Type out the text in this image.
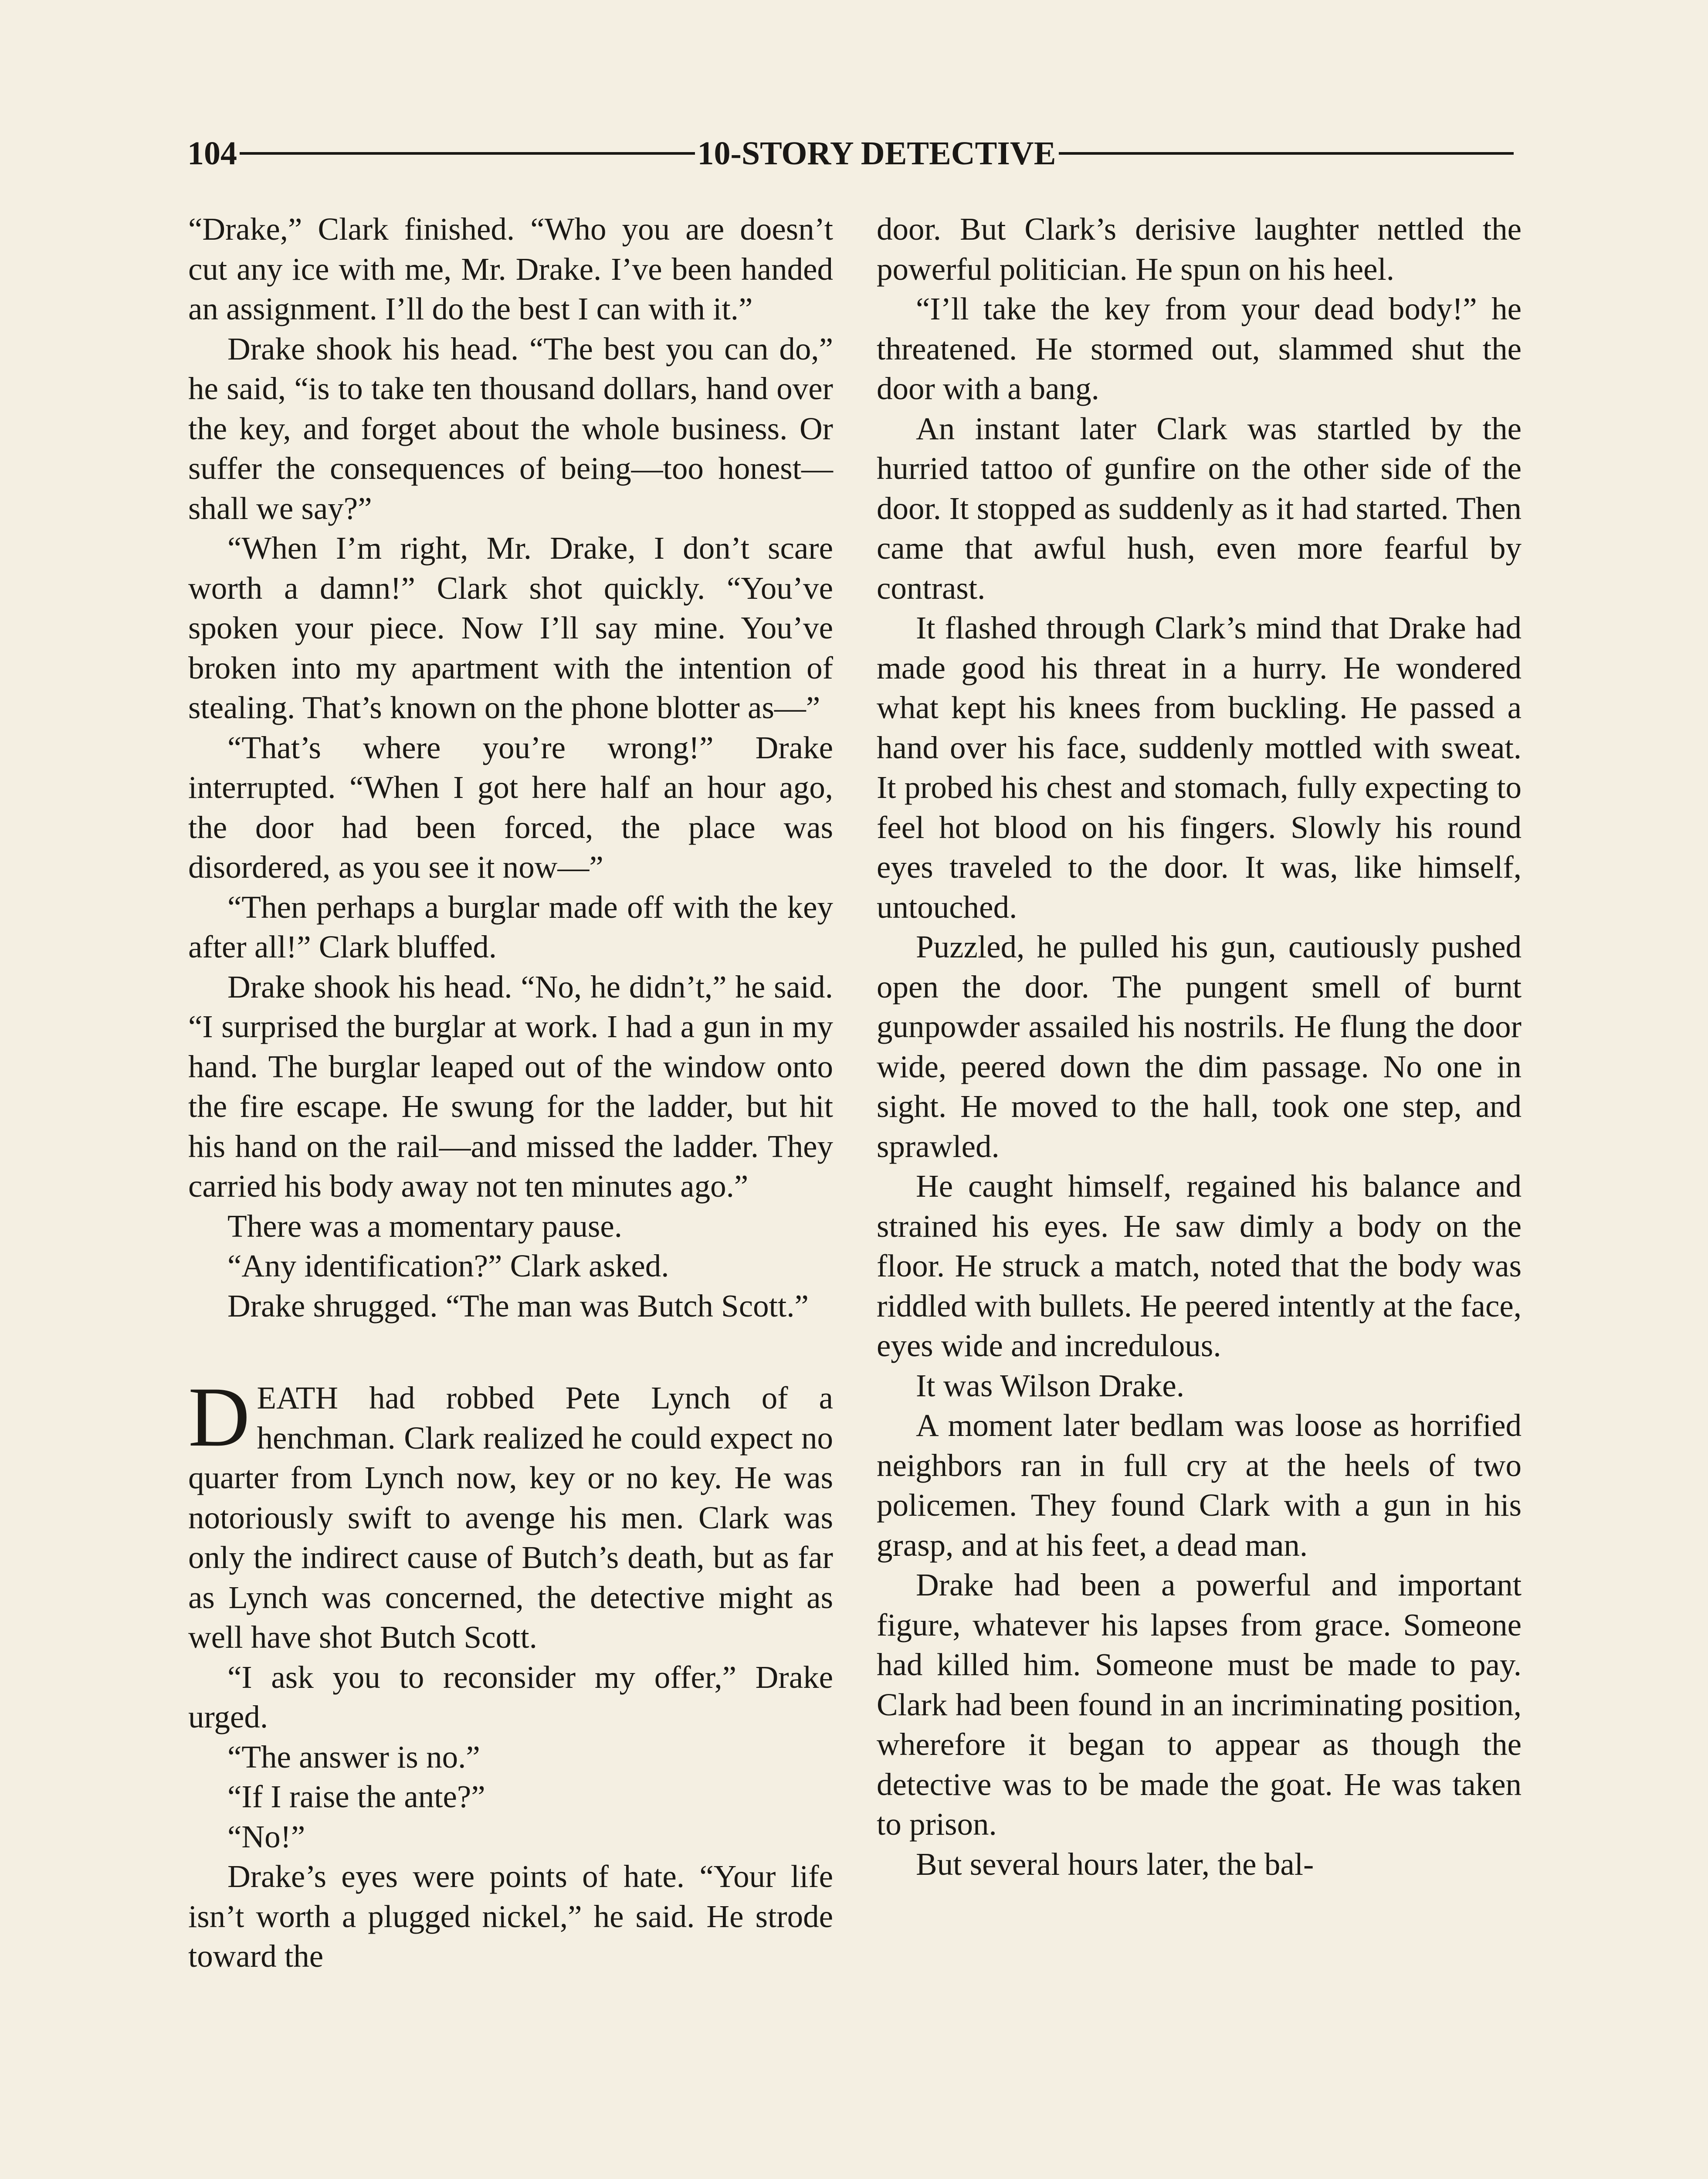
104	10-STORY DETECTIVE

“Drake,” Clark finished. “Who you are doesn’t cut any ice with me, Mr. Drake. I’ve been handed an assignment. I’ll do the best I can with it.”

Drake shook his head. “The best you can do,” he said, “is to take ten thousand dollars, hand over the key, and forget about the whole business. Or suffer the consequences of being—too honest—shall we say?”

“When I’m right, Mr. Drake, I don’t scare worth a damn!” Clark shot quickly. “You’ve spoken your piece. Now I’ll say mine. You’ve broken into my apartment with the intention of stealing. That’s known on the phone blotter as—”

“That’s where you’re wrong!” Drake interrupted. “When I got here half an hour ago, the door had been forced, the place was disordered, as you see it now—”

“Then perhaps a burglar made off with the key after all!” Clark bluffed.

Drake shook his head. “No, he didn’t,” he said. “I surprised the burglar at work. I had a gun in my hand. The burglar leaped out of the window onto the fire escape. He swung for the ladder, but hit his hand on the rail—and missed the ladder. They carried his body away not ten minutes ago.”

There was a momentary pause.

“Any identification?” Clark asked.

Drake shrugged. “The man was Butch Scott.”

DEATH had robbed Pete Lynch of a henchman. Clark realized he could expect no quarter from Lynch now, key or no key. He was notoriously swift to avenge his men. Clark was only the indirect cause of Butch’s death, but as far as Lynch was concerned, the detective might as well have shot Butch Scott.

“I ask you to reconsider my offer,” Drake urged.

“The answer is no.”

“If I raise the ante?”

“No!”

Drake’s eyes were points of hate. “Your life isn’t worth a plugged nickel,” he said. He strode toward the

door. But Clark’s derisive laughter nettled the powerful politician. He spun on his heel.

“I’ll take the key from your dead body!” he threatened. He stormed out, slammed shut the door with a bang.

An instant later Clark was startled by the hurried tattoo of gunfire on the other side of the door. It stopped as suddenly as it had started. Then came that awful hush, even more fearful by contrast.

It flashed through Clark’s mind that Drake had made good his threat in a hurry. He wondered what kept his knees from buckling. He passed a hand over his face, suddenly mottled with sweat. It probed his chest and stomach, fully expecting to feel hot blood on his fingers. Slowly his round eyes traveled to the door. It was, like himself, untouched.

Puzzled, he pulled his gun, cautiously pushed open the door. The pungent smell of burnt gunpowder assailed his nostrils. He flung the door wide, peered down the dim passage. No one in sight. He moved to the hall, took one step, and sprawled.

He caught himself, regained his balance and strained his eyes. He saw dimly a body on the floor. He struck a match, noted that the body was riddled with bullets. He peered intently at the face, eyes wide and incredulous.

It was Wilson Drake.

A moment later bedlam was loose as horrified neighbors ran in full cry at the heels of two policemen. They found Clark with a gun in his grasp, and at his feet, a dead man.

Drake had been a powerful and important figure, whatever his lapses from grace. Someone had killed him. Someone must be made to pay. Clark had been found in an incriminating position, wherefore it began to appear as though the detective was to be made the goat. He was taken to prison.

But several hours later, the bal-
